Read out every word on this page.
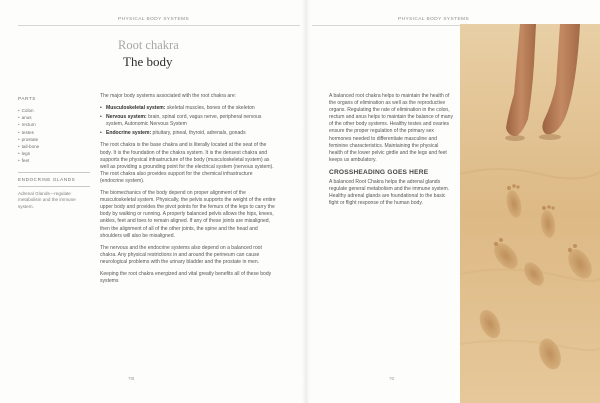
PHYSICAL BODY SYSTEMS	PHYSICAL BODY SYSTEMS
Root chakra
The body
PARTS
• Colon
• anus
• rectum
• testes
• prostate
• tail-bone
• legs
• feet
ENDOCRINE GLANDS
Adrenal Glands—regulate metabolism and the immune system.

The major body systems associated with the root chakra are:

• Musculoskeletal system: skeletal muscles, bones of the skeleton
• Nervous system: brain, spinal cord, vagus nerve, peripheral nervous system, Autonomic Nervous System
• Endocrine system: pituitary, pineal, thyroid, adrenals, gonads

The root chakra is the base chakra and is literally located at the seat of the body. It is the foundation of the chakra system. It is the densest chakra and supports the physical infrastructure of the body (musculoskeletal system) as well as providing a grounding point for the electrical system (nervous system). The root chakra also provides support for the chemical infrastructure (endocrine system).

The biomechanics of the body depend on proper alignment of the musculoskeletal system. Physically, the pelvis supports the weight of the entire upper body and provides the pivot points for the femurs of the legs to carry the body by walking or running. A properly balanced pelvis allows the hips, knees, ankles, feet and toes to remain aligned. If any of these joints are misaligned, then the alignment of all of the other joints, the spine and the head and shoulders will also be misaligned.

The nervous and the endocrine systems also depend on a balanced root chakra. Any physical restrictions in and around the perineum can cause neurological problems with the urinary bladder and the prostate in men.

Keeping the root chakra energized and vital greatly benefits all of these body systems

A balanced root chakra helps to maintain the health of the organs of elimination as well as the reproductive organs. Regulating the rate of elimination in the colon, rectum and anus helps to maintain the balance of many of the other body systems. Healthy testes and ovaries ensure the proper regulation of the primary sex hormones needed to differentiate masculine and feminine characteristics. Maintaining the physical health of the lower pelvic girdle and the legs and feet keeps us ambulatory.

CROSSHEADING GOES HERE

A balanced Root Chakra helps the adrenal glands regulate general metabolism and the immune system. Healthy adrenal glands are foundational to the basic fight or flight response of the human body.

?ttt	?tt
